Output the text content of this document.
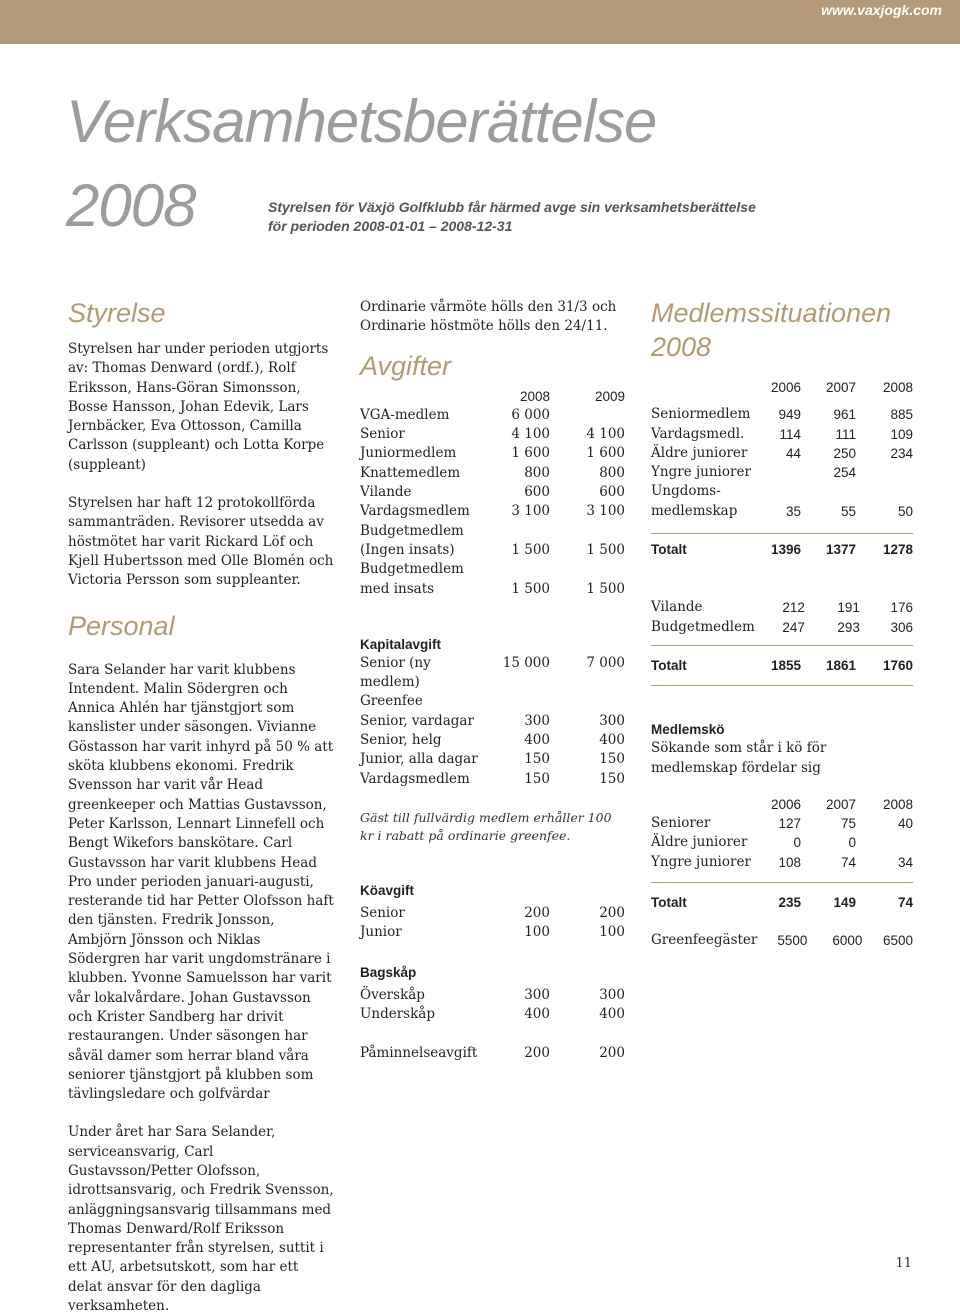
www.vaxjogk.com
Verksamhetsberättelse
2008	Styrelsen för Växjö Golfklubb får härmed avge sin verksamhetsberättelse
för perioden 2008-01-01 – 2008-12-31
Styrelse

Styrelsen har under perioden utgjorts av: Thomas Denward (ordf.), Rolf Eriksson, Hans-Göran Simonsson, Bosse Hansson, Johan Edevik, Lars Jernbäcker, Eva Ottosson, Camilla Carlsson (suppleant) och Lotta Korpe (suppleant)

Styrelsen har haft 12 protokollförda sammanträden. Revisorer utsedda av höstmötet har varit Rickard Löf och Kjell Hubertsson med Olle Blomén och Victoria Persson som suppleanter.

Personal

Sara Selander har varit klubbens Intendent. Malin Södergren och Annica Ahlén har tjänstgjort som kanslister under säsongen. Vivianne Göstasson har varit inhyrd på 50 % att sköta klubbens ekonomi. Fredrik Svensson har varit vår Head greenkeeper och Mattias Gustavsson, Peter Karlsson, Lennart Linnefell och Bengt Wikefors banskötare. Carl Gustavsson har varit klubbens Head Pro under perioden januari-augusti, resterande tid har Petter Olofsson haft den tjänsten. Fredrik Jonsson, Ambjörn Jönsson och Niklas Södergren har varit ungdomstränare i klubben. Yvonne Samuelsson har varit vår lokalvårdare. Johan Gustavsson och Krister Sandberg har drivit restaurangen. Under säsongen har såväl damer som herrar bland våra seniorer tjänstgjort på klubben som tävlingsledare och golfvärdar

Under året har Sara Selander, serviceansvarig, Carl Gustavsson/Petter Olofsson, idrottsansvarig, och Fredrik Svensson, anläggningsansvarig tillsammans med Thomas Denward/Rolf Eriksson representanter från styrelsen, suttit i ett AU, arbetsutskott, som har ett delat ansvar för den dagliga verksamheten.

Ordinarie vårmöte hölls den 31/3 och

Ordinarie höstmöte hölls den 24/11.

Avgifter
	2008	2009
VGA-medlem	6 000	
Senior	4 100	4 100
Juniormedlem	1 600	1 600
Knattemedlem	800	800
Vilande	600	600
Vardagsmedlem	3 100	3 100
Budgetmedlem		
(Ingen insats)	1 500	1 500
Budgetmedlem		
med insats	1 500	1 500
Kapitalavgift
Senior (ny medlem)	15 000	7 000
Greenfee		
Senior, vardagar	300	300
Senior, helg	400	400
Junior, alla dagar	150	150
Vardagsmedlem	150	150

Gäst till fullvärdig medlem erhåller 100 kr i rabatt på ordinarie greenfee.

Köavgift
Senior	200	200
Junior	100	100
Bagskåp
Överskåp	300	300
Underskåp	400	400
Påminnelseavgift	200	200
Medlemssituationen
2008
	2006	2007	2008

Seniormedlem	949	961	885
Vardagsmedl.	114	111	109
Äldre juniorer	44	250	234
Yngre juniorer		254	
Ungdoms-			
medlemskap	35	55	50
Totalt	1396	1377	1278
Vilande	212	191	176
Budgetmedlem	247	293	306
Totalt	1855	1861	1760
Medlemskö

Sökande som står i kö för medlemskap fördelar sig

	2006	2007	2008
Seniorer	127	75	40
Äldre juniorer	0	0	
Yngre juniorer	108	74	34
Totalt	235	149	74
Greenfeegäster	5500	6000	6500
11
